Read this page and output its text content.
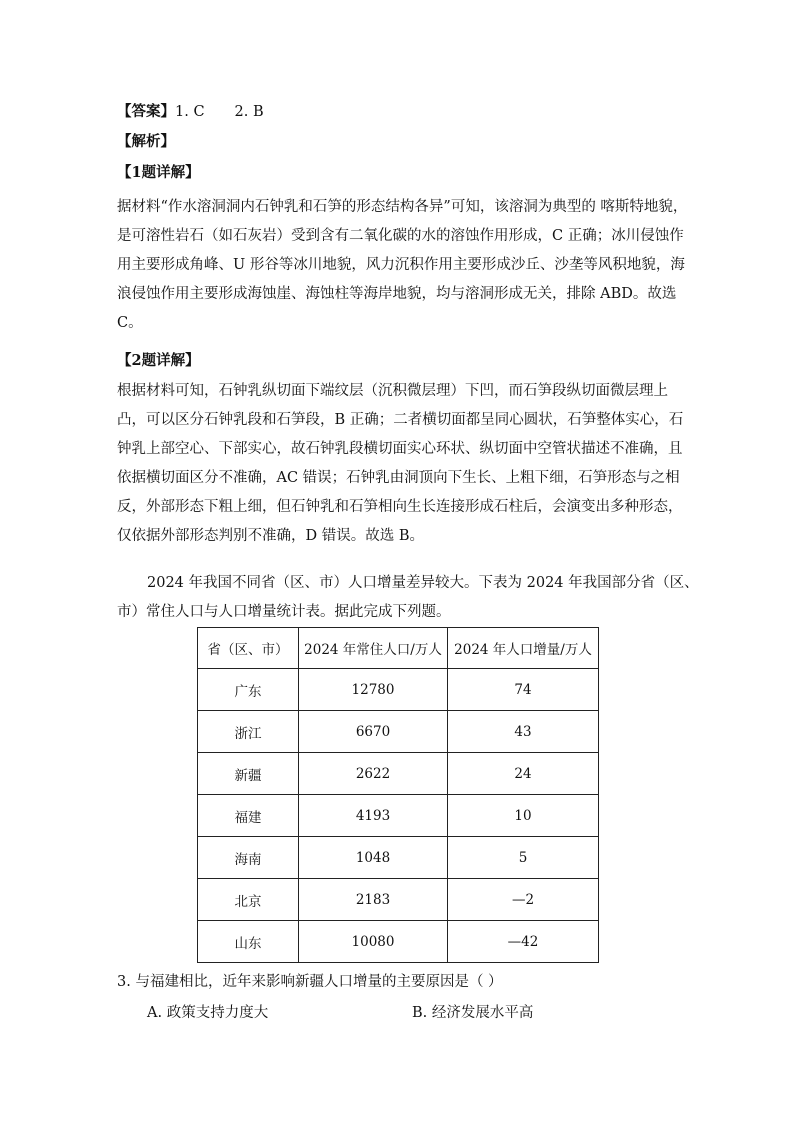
【答案】1. C 2. B
【解析】
【1题详解】

据材料“作水溶洞洞内石钟乳和石笋的形态结构各异”可知，该溶洞为典型的 喀斯特地貌，

是可溶性岩石（如石灰岩）受到含有二氧化碳的水的溶蚀作用形成，C 正确；冰川侵蚀作

用主要形成角峰、U 形谷等冰川地貌，风力沉积作用主要形成沙丘、沙垄等风积地貌，海

浪侵蚀作用主要形成海蚀崖、海蚀柱等海岸地貌，均与溶洞形成无关，排除 ABD。故选

C。

【2题详解】

根据材料可知，石钟乳纵切面下端纹层（沉积微层理）下凹，而石笋段纵切面微层理上

凸，可以区分石钟乳段和石笋段，B 正确；二者横切面都呈同心圆状，石笋整体实心，石

钟乳上部空心、下部实心，故石钟乳段横切面实心环状、纵切面中空管状描述不准确，且

依据横切面区分不准确，AC 错误；石钟乳由洞顶向下生长、上粗下细，石笋形态与之相

反，外部形态下粗上细，但石钟乳和石笋相向生长连接形成石柱后，会演变出多种形态，

仅依据外部形态判别不准确，D 错误。故选 B。

2024 年我国不同省（区、市）人口增量差异较大。下表为 2024 年我国部分省（区、

市）常住人口与人口增量统计表。据此完成下列题。

省（区、市）	2024 年常住人口/万人	2024 年人口增量/万人
广东	12780	74
浙江	6670	43
新疆	2622	24
福建	4193	10
海南	1048	5
北京	2183	—2
山东	10080	—42
3. 与福建相比，近年来影响新疆人口增量的主要原因是（ ）
A. 政策支持力度大	B. 经济发展水平高
